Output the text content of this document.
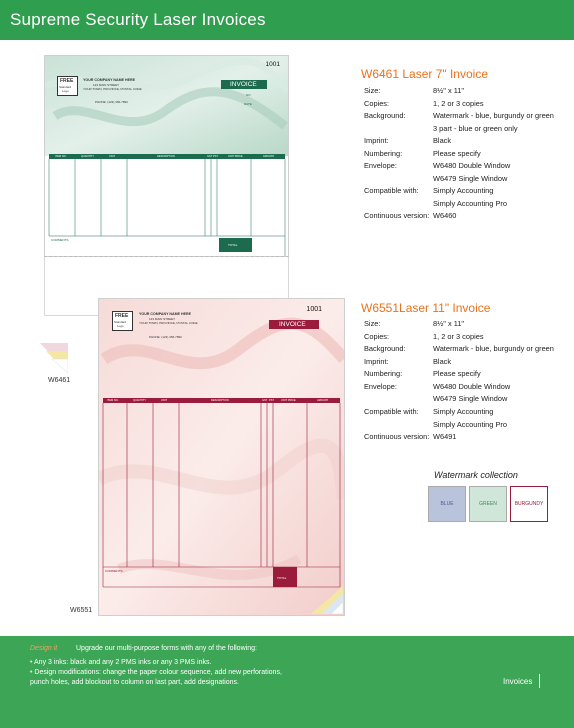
Supreme Security Laser Invoices
1001
FREE
Standard
Logo
YOUR COMPANY NAME HERE
123 MAIN STREET
YOUR TOWN, PROVINCE, POSTAL CODE
PHONE: (123) 456-7890
INVOICE
NO.
DATE
ITEM NO.	QUANTITY	UNIT	DESCRIPTION	GST PST	UNIT PRICE	AMOUNT
COMMENTS
TOTAL
W6461
1001
FREE
Standard
Logo
YOUR COMPANY NAME HERE
123 MAIN STREET
YOUR TOWN, PROVINCE, POSTAL CODE
PHONE: (123) 456-7890
INVOICE
ITEM NO.	QUANTITY	UNIT	DESCRIPTION	GST PST	UNIT PRICE	AMOUNT
COMMENTS
TOTAL
W6551
W6461 Laser 7" Invoice
Size:	8½" x 11"
Copies:	1, 2 or 3 copies
Background:	Watermark - blue, burgundy or green
3 part - blue or green only
Imprint:	Black
Numbering:	Please specify
Envelope:	W6480 Double Window
W6479 Single Window
Compatible with: Simply Accounting
Simply Accounting Pro
Continuous version: W6460
W6551Laser 11" Invoice
Size:	8½" x 11"
Copies:	1, 2 or 3 copies
Background:	Watermark - blue, burgundy or green
Imprint:	Black
Numbering:	Please specify
Envelope:	W6480 Double Window
W6479 Single Window
Compatible with: Simply Accounting
Simply Accounting Pro
Continuous version: W6491
Watermark collection
BLUE	GREEN	BURGUNDY
Design it	Upgrade our multi-purpose forms with any of the following:
• Any 3 inks: black and any 2 PMS inks or any 3 PMS inks.
• Design modifications: change the paper colour sequence, add new perforations,
punch holes, add blockout to column on last part, add designations.	Invoices
